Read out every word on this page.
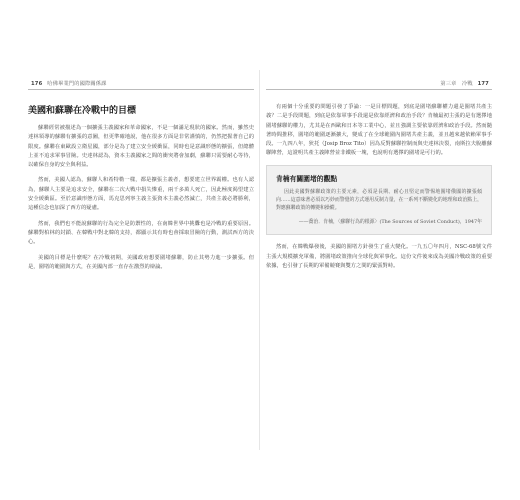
176 哈佛畢業門的國際關係課	第三章　冷戰 177
美國和蘇聯在冷戰中的目標

蘇聯經常被描述為一個擴張主義國家和革命國家，不是一個滿足現狀的國家。然而，雖然史達林領導的蘇聯有擴張的意圖，但更準確地說，他在很多方面是非常謹慎的，仍然把握著自己的限度。蘇聯在東歐設立衛星國，部分是為了建立安全緩衝區，同時也是意識形態的擴張，但總體上並不追求軍事冒險。史達林認為，資本主義國家之間的衝突將會加劇，蘇聯只需要耐心等待，以確保自身的安全與利益。

然而，美國人認為，蘇聯人和希特勒一樣，都是擴張主義者，想要建立世界霸權。也有人認為，蘇聯人主要是追求安全，蘇聯在二次大戰中損失慘重，兩千多萬人死亡，因此極度渴望建立安全緩衝區。至於意識形態方面，馬克思列寧主義主張資本主義必然滅亡，共產主義必將勝利，這種信念也加深了西方的疑慮。

然而，我們也不能說蘇聯的行為完全是防禦性的，在南韓世界中挑釁也是冷戰的重要原因。蘇聯對柏林的封鎖、在韓戰中對北韓的支持，都顯示其有時也會採取冒險的行動，測試西方的決心。

美國的目標是什麼呢？在冷戰初期，美國政府想要圍堵蘇聯，防止其勢力進一步擴張。但是，圍堵的範圍與方式，在美國內部一直存在激烈的辯論。

有兩個十分重要的問題引發了爭論：一是目標問題，到底是圍堵蘇聯權力還是圍堵共產主義？二是手段問題，到底是依靠軍事手段還是依靠經濟和政治手段？肯楠最初主張的是有選擇地圍堵蘇聯的權力，尤其是在西歐和日本等工業中心，並且強調主要依靠經濟和政治手段。然而隨著時間推移，圍堵的範圍逐漸擴大，變成了在全球範圍內圍堵共產主義，並且越來越依賴軍事手段。一九四八年，狄托（Josip Broz Tito）因為反對蘇聯控制而與史達林決裂，南斯拉夫脫離蘇聯陣營，這證明共產主義陣營並非鐵板一塊，也說明有選擇的圍堵是可行的。

肯楠有關圍堵的觀點

因此美國對蘇聯政策的主要元素，必須是長期、耐心且堅定而警惕地圍堵俄國的擴張傾向……這意味著必須以巧妙而警覺的方式運用反制力量，在一系列不斷變化的地理和政治點上，對應蘇聯政策的轉變和操縱。

——喬治．肯楠，〈蘇聯行為的根源〉(The Sources of Soviet Conduct)，1947年

然而，在韓戰爆發後，美國的圍堵方針發生了重大變化。一九五〇年四月，NSC-68號文件主張大規模擴充軍備，將圍堵政策推向全球化與軍事化。這份文件後來成為美國冷戰政策的重要依據，也引發了長期的軍備競賽與雙方之間的緊張對峙。
